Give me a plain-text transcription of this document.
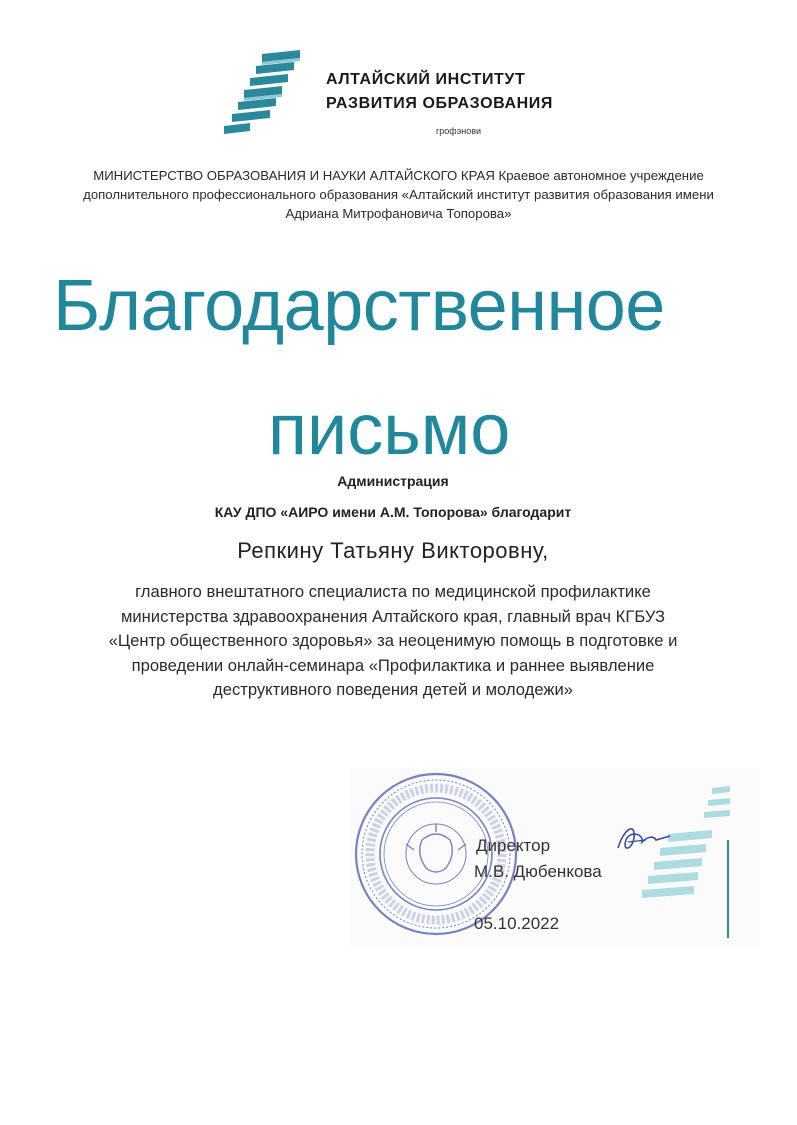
АЛТАЙСКИЙ ИНСТИТУТ
РАЗВИТИЯ ОБРАЗОВАНИЯ
грофэнови
МИНИСТЕРСТВО ОБРАЗОВАНИЯ И НАУКИ АЛТАЙСКОГО КРАЯ Краевое автономное учреждение дополнительного профессионального образования «Алтайский институт развития образования имени Адриана Митрофановича Топорова»
Благодарственное
письмо
Администрация
КАУ ДПО «АИРО имени А.М. Топорова» благодарит
Репкину Татьяну Викторовну,
главного внештатного специалиста по медицинской профилактике министерства здравоохранения Алтайского края, главный врач КГБУЗ «Центр общественного здоровья» за неоценимую помощь в подготовке и проведении онлайн-семинара «Профилактика и раннее выявление деструктивного поведения детей и молодежи»
Директор
М.В. Дюбенкова
05.10.2022
